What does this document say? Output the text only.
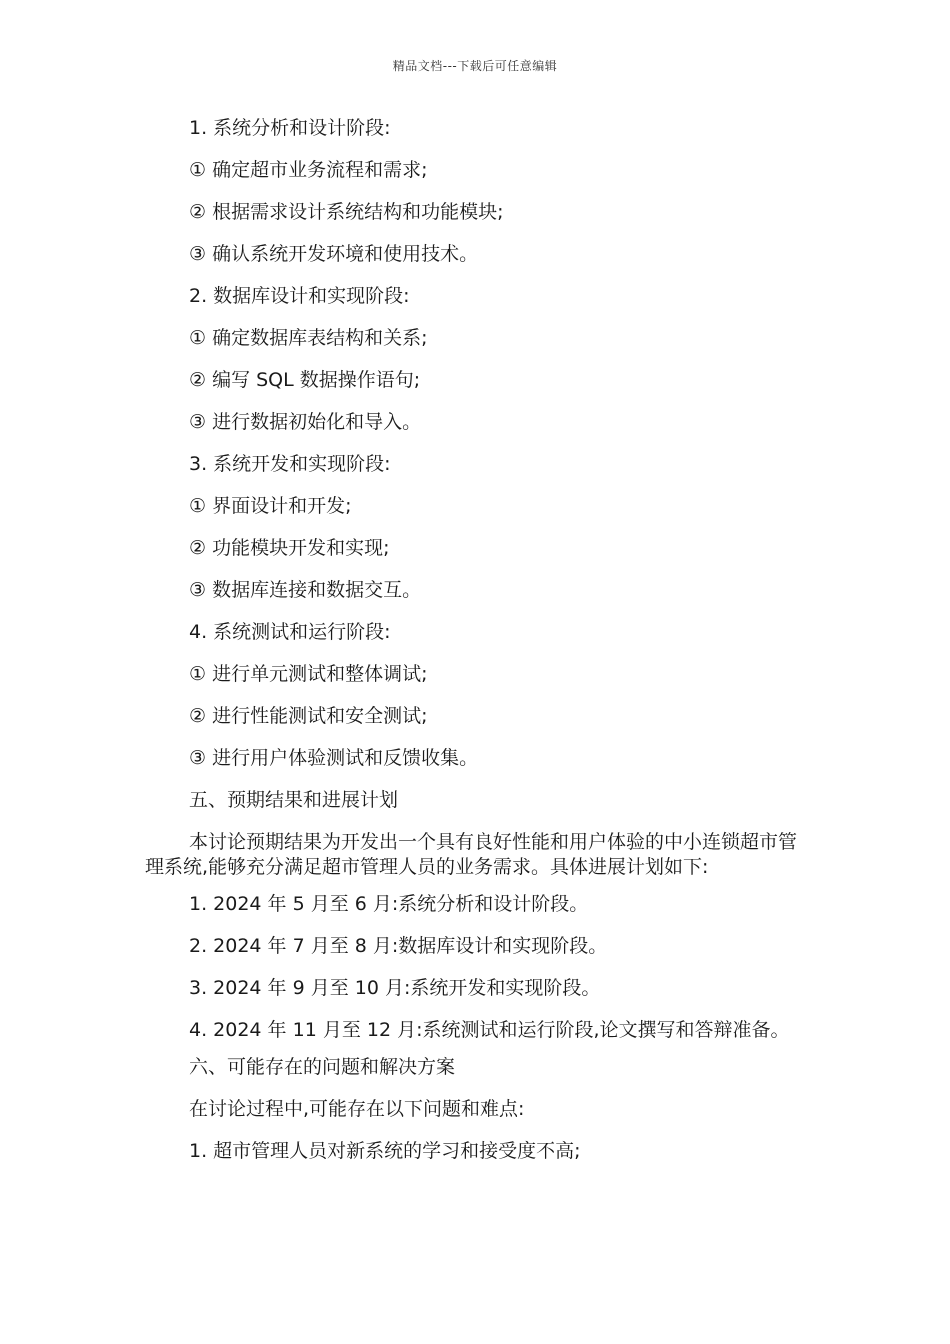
精品文档---下载后可任意编辑

1. 系统分析和设计阶段:

① 确定超市业务流程和需求;

② 根据需求设计系统结构和功能模块;

③ 确认系统开发环境和使用技术。

2. 数据库设计和实现阶段:

① 确定数据库表结构和关系;

② 编写 SQL 数据操作语句;

③ 进行数据初始化和导入。

3. 系统开发和实现阶段:

① 界面设计和开发;

② 功能模块开发和实现;

③ 数据库连接和数据交互。

4. 系统测试和运行阶段:

① 进行单元测试和整体调试;

② 进行性能测试和安全测试;

③ 进行用户体验测试和反馈收集。

五、预期结果和进展计划

本讨论预期结果为开发出一个具有良好性能和用户体验的中小连锁超市管理系统,能够充分满足超市管理人员的业务需求。具体进展计划如下:

1. 2024 年 5 月至 6 月:系统分析和设计阶段。

2. 2024 年 7 月至 8 月:数据库设计和实现阶段。

3. 2024 年 9 月至 10 月:系统开发和实现阶段。

4. 2024 年 11 月至 12 月:系统测试和运行阶段,论文撰写和答辩准备。

六、可能存在的问题和解决方案

在讨论过程中,可能存在以下问题和难点:

1. 超市管理人员对新系统的学习和接受度不高;
